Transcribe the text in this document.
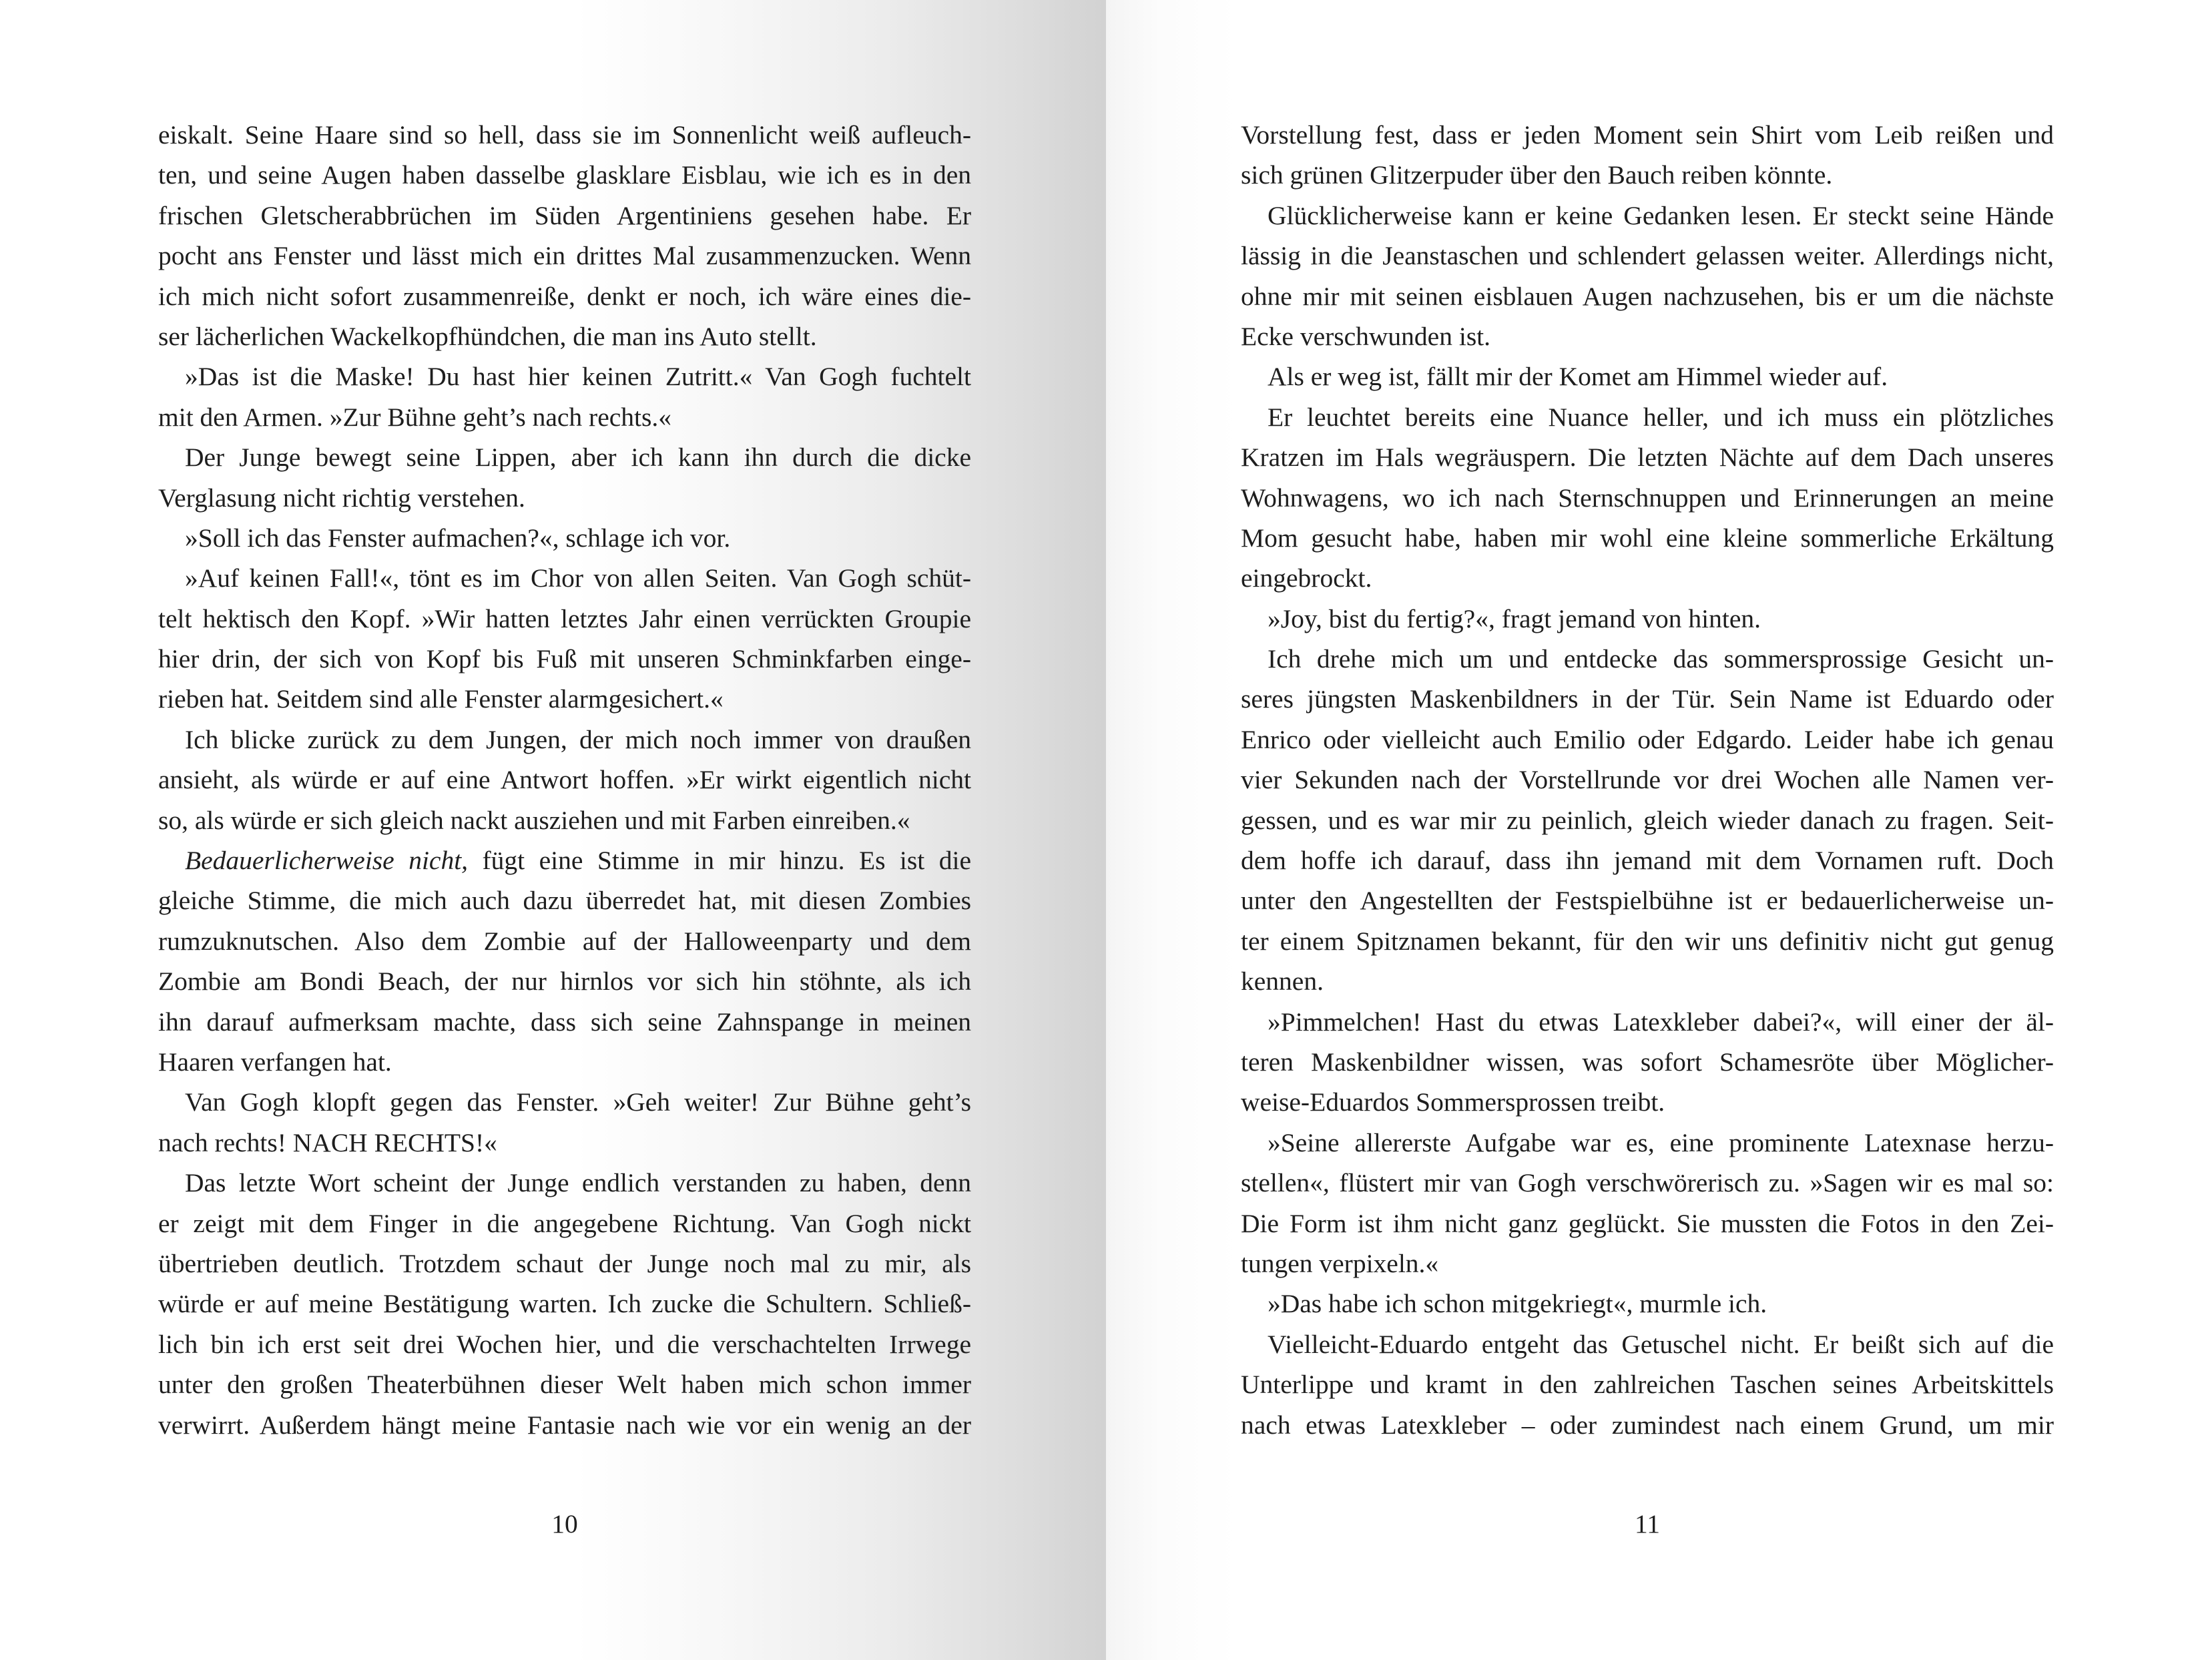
eiskalt. Seine Haare sind so hell, dass sie im Sonnenlicht weiß aufleuch-
ten, und seine Augen haben dasselbe glasklare Eisblau, wie ich es in den
frischen Gletscherabbrüchen im Süden Argentiniens gesehen habe. Er
pocht ans Fenster und lässt mich ein drittes Mal zusammenzucken. Wenn
ich mich nicht sofort zusammenreiße, denkt er noch, ich wäre eines die-
ser lächerlichen Wackelkopfhündchen, die man ins Auto stellt.
»Das ist die Maske! Du hast hier keinen Zutritt.« Van Gogh fuchtelt
mit den Armen. »Zur Bühne geht’s nach rechts.«
Der Junge bewegt seine Lippen, aber ich kann ihn durch die dicke
Verglasung nicht richtig verstehen.
»Soll ich das Fenster aufmachen?«, schlage ich vor.
»Auf keinen Fall!«, tönt es im Chor von allen Seiten. Van Gogh schüt-
telt hektisch den Kopf. »Wir hatten letztes Jahr einen verrückten Groupie
hier drin, der sich von Kopf bis Fuß mit unseren Schminkfarben einge-
rieben hat. Seitdem sind alle Fenster alarmgesichert.«
Ich blicke zurück zu dem Jungen, der mich noch immer von draußen
ansieht, als würde er auf eine Antwort hoffen. »Er wirkt eigentlich nicht
so, als würde er sich gleich nackt ausziehen und mit Farben einreiben.«
Bedauerlicherweise nicht, fügt eine Stimme in mir hinzu. Es ist die
gleiche Stimme, die mich auch dazu überredet hat, mit diesen Zombies
rumzuknutschen. Also dem Zombie auf der Halloweenparty und dem
Zombie am Bondi Beach, der nur hirnlos vor sich hin stöhnte, als ich
ihn darauf aufmerksam machte, dass sich seine Zahnspange in meinen
Haaren verfangen hat.
Van Gogh klopft gegen das Fenster. »Geh weiter! Zur Bühne geht’s
nach rechts! NACH RECHTS!«
Das letzte Wort scheint der Junge endlich verstanden zu haben, denn
er zeigt mit dem Finger in die angegebene Richtung. Van Gogh nickt
übertrieben deutlich. Trotzdem schaut der Junge noch mal zu mir, als
würde er auf meine Bestätigung warten. Ich zucke die Schultern. Schließ-
lich bin ich erst seit drei Wochen hier, und die verschachtelten Irrwege
unter den großen Theaterbühnen dieser Welt haben mich schon immer
verwirrt. Außerdem hängt meine Fantasie nach wie vor ein wenig an der
10
Vorstellung fest, dass er jeden Moment sein Shirt vom Leib reißen und
sich grünen Glitzerpuder über den Bauch reiben könnte.
Glücklicherweise kann er keine Gedanken lesen. Er steckt seine Hände
lässig in die Jeanstaschen und schlendert gelassen weiter. Allerdings nicht,
ohne mir mit seinen eisblauen Augen nachzusehen, bis er um die nächste
Ecke verschwunden ist.
Als er weg ist, fällt mir der Komet am Himmel wieder auf.
Er leuchtet bereits eine Nuance heller, und ich muss ein plötzliches
Kratzen im Hals wegräuspern. Die letzten Nächte auf dem Dach unseres
Wohnwagens, wo ich nach Sternschnuppen und Erinnerungen an meine
Mom gesucht habe, haben mir wohl eine kleine sommerliche Erkältung
eingebrockt.
»Joy, bist du fertig?«, fragt jemand von hinten.
Ich drehe mich um und entdecke das sommersprossige Gesicht un-
seres jüngsten Maskenbildners in der Tür. Sein Name ist Eduardo oder
Enrico oder vielleicht auch Emilio oder Edgardo. Leider habe ich genau
vier Sekunden nach der Vorstellrunde vor drei Wochen alle Namen ver-
gessen, und es war mir zu peinlich, gleich wieder danach zu fragen. Seit-
dem hoffe ich darauf, dass ihn jemand mit dem Vornamen ruft. Doch
unter den Angestellten der Festspielbühne ist er bedauerlicherweise un-
ter einem Spitznamen bekannt, für den wir uns definitiv nicht gut genug
kennen.
»Pimmelchen! Hast du etwas Latexkleber dabei?«, will einer der äl-
teren Maskenbildner wissen, was sofort Schamesröte über Möglicher-
weise-Eduardos Sommersprossen treibt.
»Seine allererste Aufgabe war es, eine prominente Latexnase herzu-
stellen«, flüstert mir van Gogh verschwörerisch zu. »Sagen wir es mal so:
Die Form ist ihm nicht ganz geglückt. Sie mussten die Fotos in den Zei-
tungen verpixeln.«
»Das habe ich schon mitgekriegt«, murmle ich.
Vielleicht-Eduardo entgeht das Getuschel nicht. Er beißt sich auf die
Unterlippe und kramt in den zahlreichen Taschen seines Arbeitskittels
nach etwas Latexkleber – oder zumindest nach einem Grund, um mir
11
